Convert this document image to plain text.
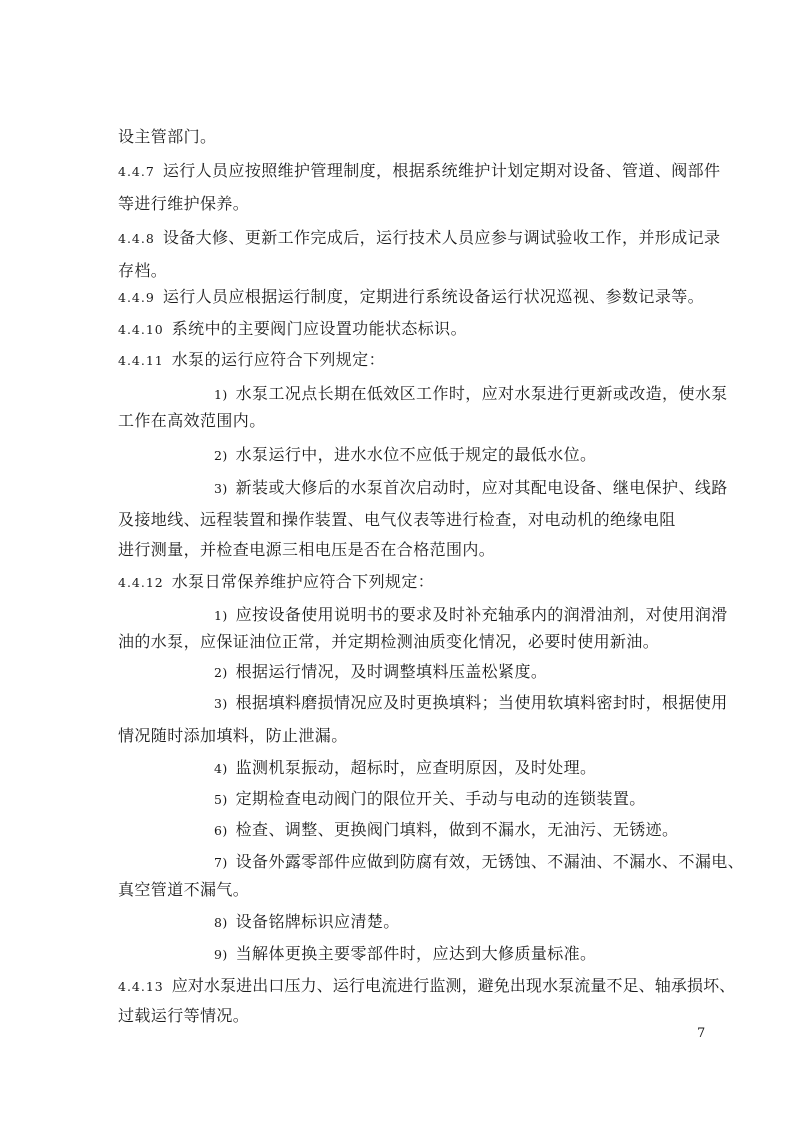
设主管部门。
4.4.7 运行人员应按照维护管理制度，根据系统维护计划定期对设备、管道、阀部件
等进行维护保养。
4.4.8 设备大修、更新工作完成后，运行技术人员应参与调试验收工作，并形成记录
存档。
4.4.9 运行人员应根据运行制度，定期进行系统设备运行状况巡视、参数记录等。
4.4.10 系统中的主要阀门应设置功能状态标识。
4.4.11 水泵的运行应符合下列规定：
1) 水泵工况点长期在低效区工作时，应对水泵进行更新或改造，使水泵
工作在高效范围内。
2) 水泵运行中，进水水位不应低于规定的最低水位。
3) 新装或大修后的水泵首次启动时，应对其配电设备、继电保护、线路
及接地线、远程装置和操作装置、电气仪表等进行检查，对电动机的绝缘电阻
进行测量，并检查电源三相电压是否在合格范围内。
4.4.12 水泵日常保养维护应符合下列规定：
1) 应按设备使用说明书的要求及时补充轴承内的润滑油剂，对使用润滑
油的水泵，应保证油位正常，并定期检测油质变化情况，必要时使用新油。
2) 根据运行情况，及时调整填料压盖松紧度。
3) 根据填料磨损情况应及时更换填料；当使用软填料密封时，根据使用
情况随时添加填料，防止泄漏。
4) 监测机泵振动，超标时，应查明原因，及时处理。
5) 定期检查电动阀门的限位开关、手动与电动的连锁装置。
6) 检查、调整、更换阀门填料，做到不漏水，无油污、无锈迹。
7) 设备外露零部件应做到防腐有效，无锈蚀、不漏油、不漏水、不漏电、
真空管道不漏气。
8) 设备铭牌标识应清楚。
9) 当解体更换主要零部件时，应达到大修质量标准。
4.4.13 应对水泵进出口压力、运行电流进行监测，避免出现水泵流量不足、轴承损坏、
过载运行等情况。
7
